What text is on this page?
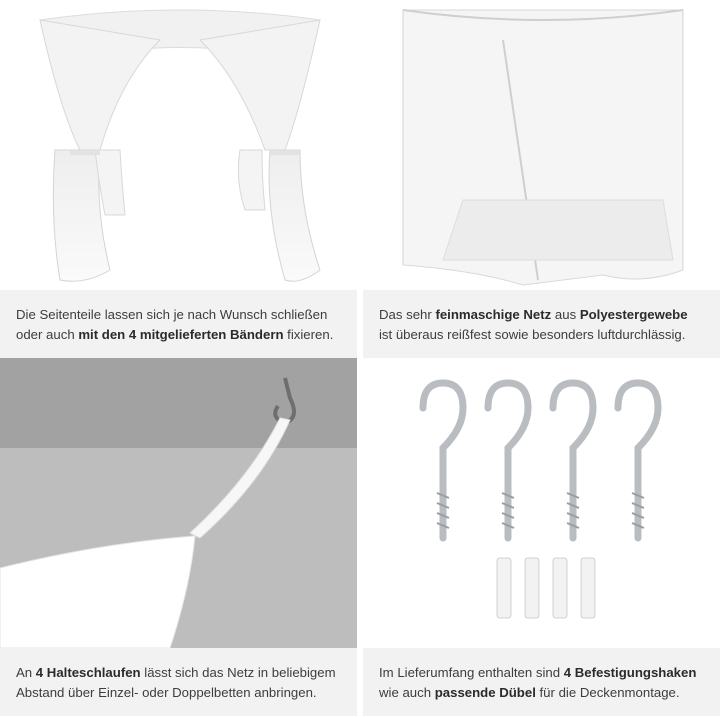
Die Seitenteile lassen sich je nach Wunsch schließen
oder auch mit den 4 mitgelieferten Bändern fixieren.
Das sehr feinmaschige Netz aus Polyestergewebe
ist überaus reißfest sowie besonders luftdurchlässig.
An 4 Halteschlaufen lässt sich das Netz in beliebigem
Abstand über Einzel- oder Doppelbetten anbringen.
Im Lieferumfang enthalten sind 4 Befestigungshaken
wie auch passende Dübel für die Deckenmontage.
